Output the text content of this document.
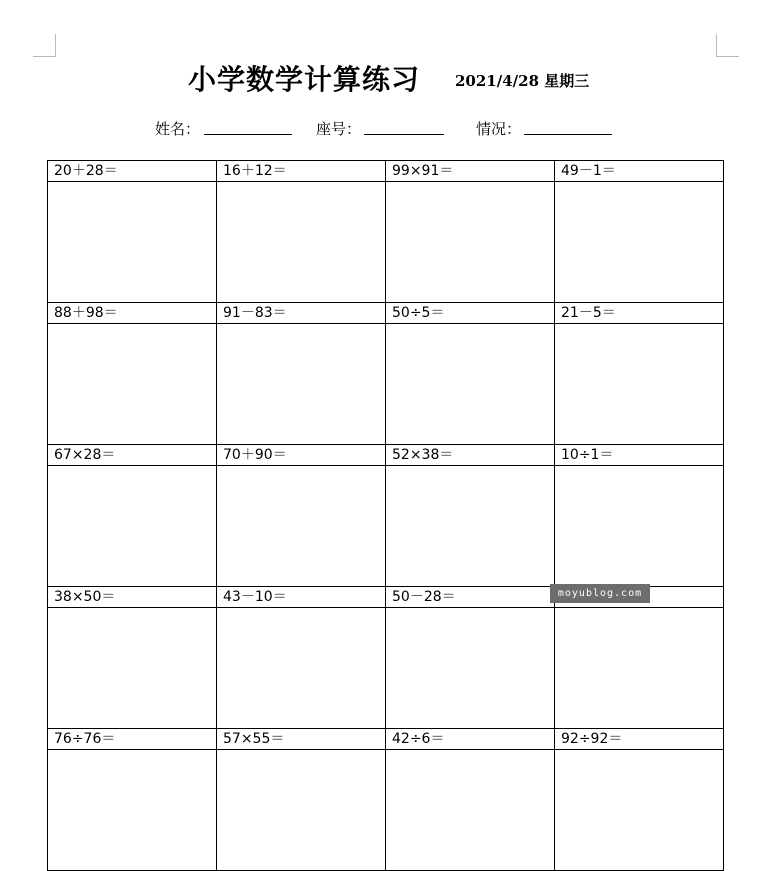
小学数学计算练习 2021/4/28 星期三
姓名：	座号：	情况：
20＋28＝	16＋12＝	99×91＝	49－1＝

88＋98＝	91－83＝	50÷5＝	21－5＝

67×28＝	70＋90＝	52×38＝	10÷1＝

38×50＝	43－10＝	50－28＝	

76÷76＝	57×55＝	42÷6＝	92÷92＝

moyublog.com
